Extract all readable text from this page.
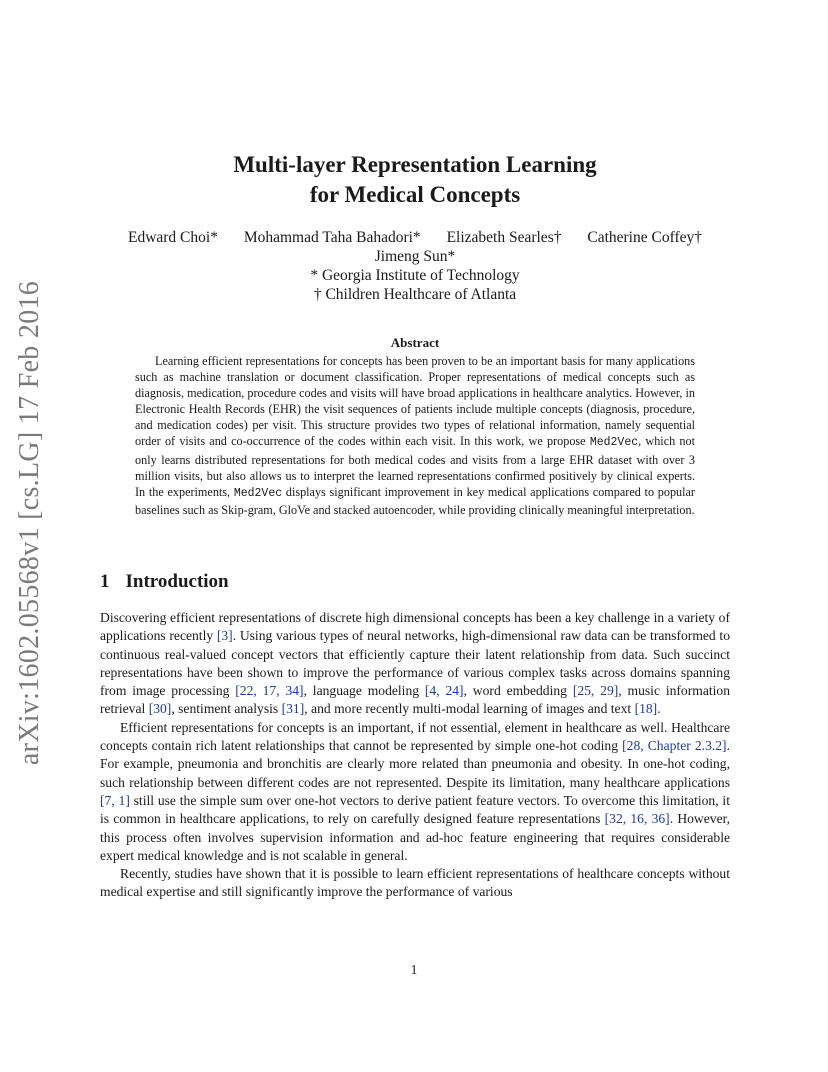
arXiv:1602.05568v1 [cs.LG] 17 Feb 2016
Multi-layer Representation Learning
for Medical Concepts
Edward Choi* Mohammad Taha Bahadori* Elizabeth Searles† Catherine Coffey†
Jimeng Sun*
* Georgia Institute of Technology
† Children Healthcare of Atlanta
Abstract
Learning efficient representations for concepts has been proven to be an important basis for many applications such as machine translation or document classification. Proper representations of medical concepts such as diagnosis, medication, procedure codes and visits will have broad applications in healthcare analytics. However, in Electronic Health Records (EHR) the visit sequences of patients include multiple concepts (diagnosis, procedure, and medication codes) per visit. This structure provides two types of relational information, namely sequential order of visits and co-occurrence of the codes within each visit. In this work, we propose Med2Vec, which not only learns distributed representations for both medical codes and visits from a large EHR dataset with over 3 million visits, but also allows us to interpret the learned representations confirmed positively by clinical experts. In the experiments, Med2Vec displays significant improvement in key medical applications compared to popular baselines such as Skip-gram, GloVe and stacked autoencoder, while providing clinically meaningful interpretation.
1 Introduction

Discovering efficient representations of discrete high dimensional concepts has been a key challenge in a variety of applications recently [3]. Using various types of neural networks, high-dimensional raw data can be transformed to continuous real-valued concept vectors that efficiently capture their latent relationship from data. Such succinct representations have been shown to improve the performance of various complex tasks across domains spanning from image processing [22, 17, 34], language modeling [4, 24], word embedding [25, 29], music information retrieval [30], sentiment analysis [31], and more recently multi-modal learning of images and text [18].

Efficient representations for concepts is an important, if not essential, element in healthcare as well. Healthcare concepts contain rich latent relationships that cannot be represented by simple one-hot coding [28, Chapter 2.3.2]. For example, pneumonia and bronchitis are clearly more related than pneumonia and obesity. In one-hot coding, such relationship between different codes are not represented. Despite its limitation, many healthcare applications [7, 1] still use the simple sum over one-hot vectors to derive patient feature vectors. To overcome this limitation, it is common in healthcare applications, to rely on carefully designed feature representations [32, 16, 36]. However, this process often involves supervision information and ad-hoc feature engineering that requires considerable expert medical knowledge and is not scalable in general.

Recently, studies have shown that it is possible to learn efficient representations of healthcare concepts without medical expertise and still significantly improve the performance of various

1
